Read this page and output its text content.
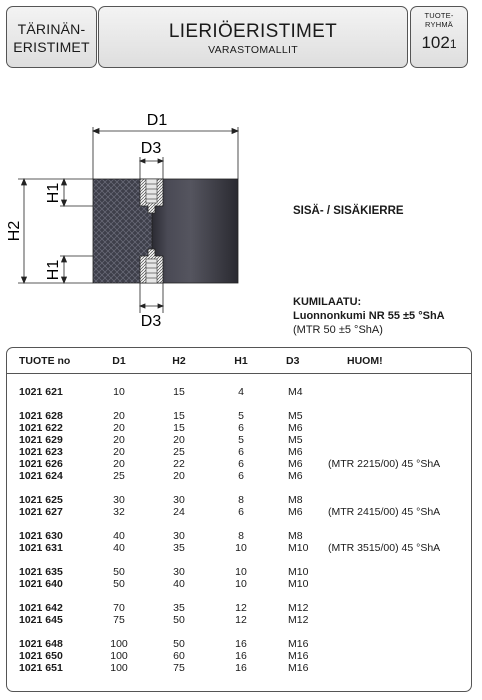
TÄRINÄN-
ERISTIMET
LIERIÖERISTIMET
VARASTOMALLIT
TUOTE-
RYHMÄ
1021
D1
D3
D3
H2
H1
H1
SISÄ- / SISÄKIERRE
KUMILAATU:
Luonnonkumi NR 55 ±5 °ShA
(MTR 50 ±5 °ShA)
TUOTE no	D1	H2	H1	D3	HUOM!
1021 621	10	15	4	M4
1021 628	20	15	5	M5
1021 622	20	15	6	M6
1021 629	20	20	5	M5
1021 623	20	25	6	M6
1021 626	20	22	6	M6 (MTR 2215/00) 45 °ShA
1021 624	25	20	6	M6
1021 625	30	30	8	M8
1021 627	32	24	6	M6 (MTR 2415/00) 45 °ShA
1021 630	40	30	8	M8
1021 631	40	35	10	M10 (MTR 3515/00) 45 °ShA
1021 635	50	30	10	M10
1021 640	50	40	10	M10
1021 642	70	35	12	M12
1021 645	75	50	12	M12
1021 648	100	50	16	M16
1021 650	100	60	16	M16
1021 651	100	75	16	M16
